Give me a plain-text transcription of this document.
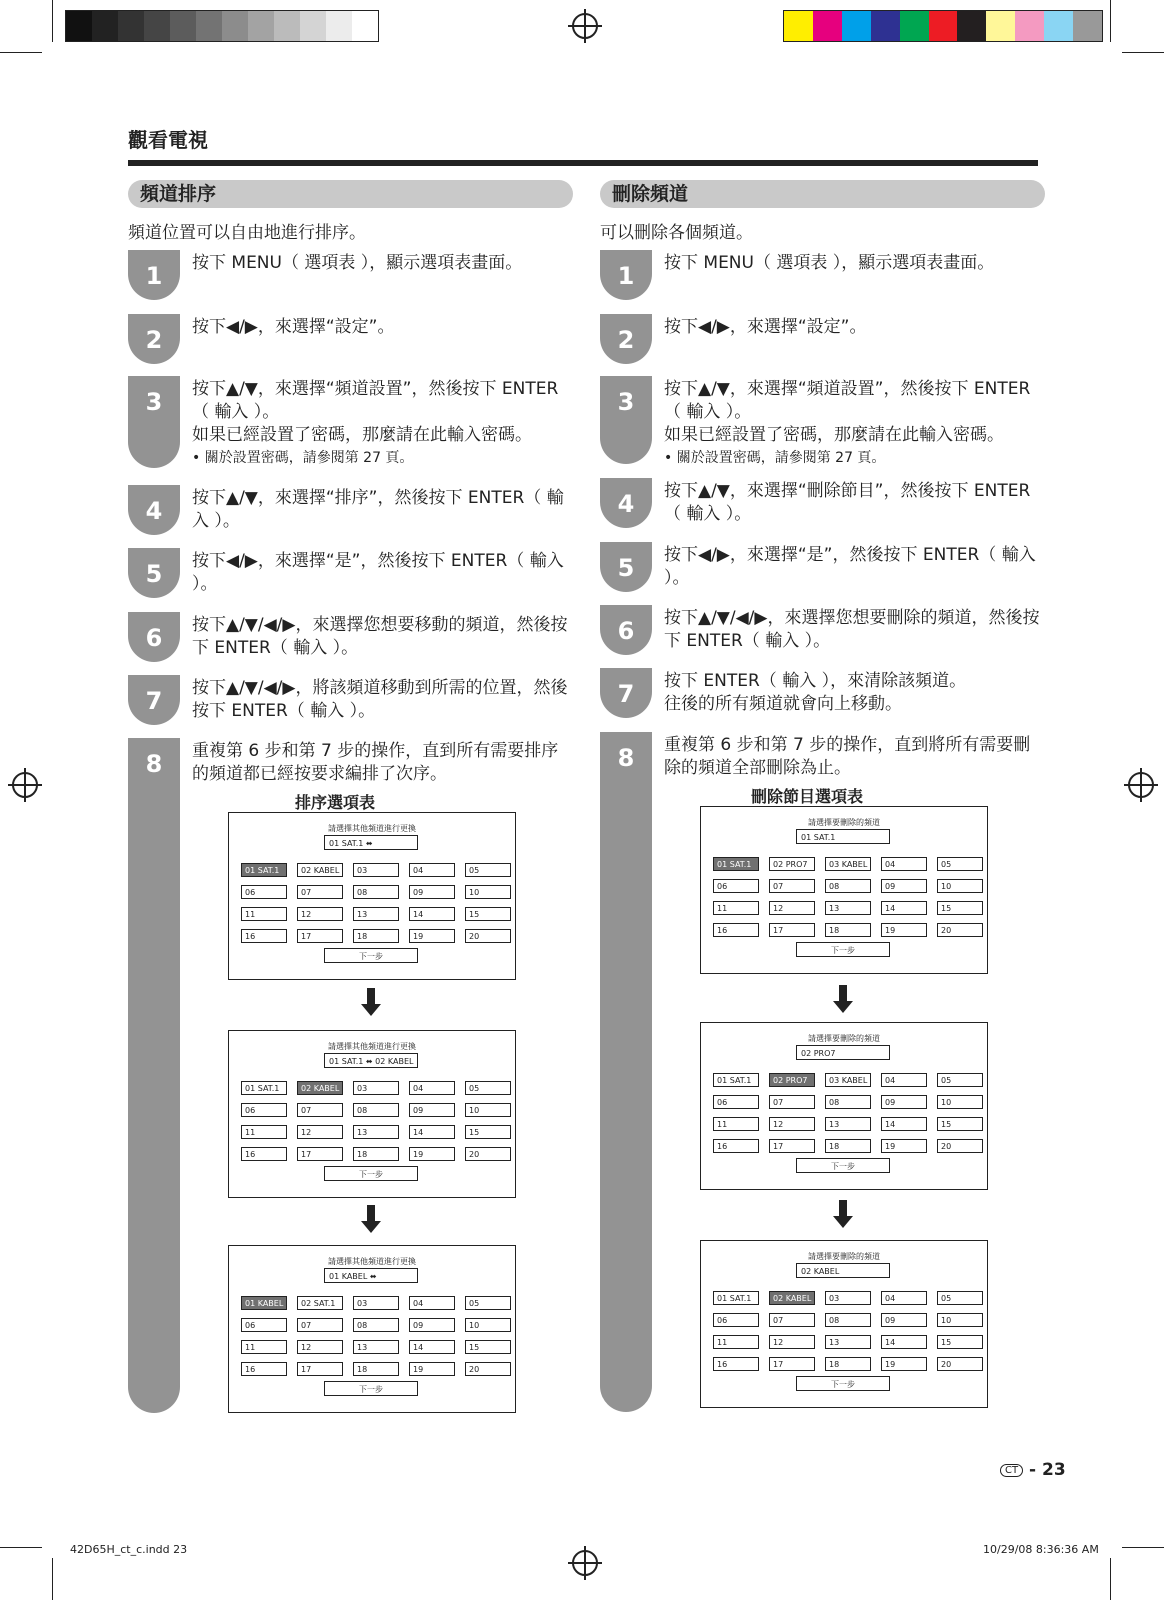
觀看電視
頻道排序
頻道位置可以自由地進行排序。
1	按下 MENU（ 選項表 ），顯示選項表畫面。
2	按下◀/▶，來選擇“設定”。
3	按下▲/▼，來選擇“頻道設置”，然後按下 ENTER（ 輸入 ）。
如果已經設置了密碼，那麼請在此輸入密碼。
• 關於設置密碼，請參閱第 27 頁。
4	按下▲/▼，來選擇“排序”，然後按下 ENTER（ 輸入 ）。
5	按下◀/▶，來選擇“是”，然後按下 ENTER（ 輸入 ）。
6	按下▲/▼/◀/▶，來選擇您想要移動的頻道，然後按下 ENTER（ 輸入 ）。
7	按下▲/▼/◀/▶，將該頻道移動到所需的位置，然後按下 ENTER（ 輸入 ）。
8	重複第 6 步和第 7 步的操作，直到所有需要排序的頻道都已經按要求編排了次序。
排序選項表
請選擇其他頻道進行更換
01 SAT.1 ⬌
01 SAT.1	02 KABEL	03	04	05
06	07	08	09	10
11	12	13	14	15
16	17	18	19	20
下一步
請選擇其他頻道進行更換
01 SAT.1 ⬌ 02 KABEL
01 SAT.1	02 KABEL	03	04	05
06	07	08	09	10
11	12	13	14	15
16	17	18	19	20
下一步
請選擇其他頻道進行更換
01 KABEL ⬌
01 KABEL	02 SAT.1	03	04	05
06	07	08	09	10
11	12	13	14	15
16	17	18	19	20
下一步
刪除頻道
可以刪除各個頻道。
1	按下 MENU（ 選項表 ），顯示選項表畫面。
2	按下◀/▶，來選擇“設定”。
3	按下▲/▼，來選擇“頻道設置”，然後按下 ENTER（ 輸入 ）。
如果已經設置了密碼，那麼請在此輸入密碼。
• 關於設置密碼，請參閱第 27 頁。
4	按下▲/▼，來選擇“刪除節目”，然後按下 ENTER（ 輸入 ）。
5	按下◀/▶，來選擇“是”，然後按下 ENTER（ 輸入 ）。
6	按下▲/▼/◀/▶，來選擇您想要刪除的頻道，然後按下 ENTER（ 輸入 ）。
7	按下 ENTER（ 輸入 ），來清除該頻道。
往後的所有頻道就會向上移動。
8	重複第 6 步和第 7 步的操作，直到將所有需要刪除的頻道全部刪除為止。
刪除節目選項表
請選擇要刪除的頻道
01 SAT.1
01 SAT.1	02 PRO7	03 KABEL	04	05
06	07	08	09	10
11	12	13	14	15
16	17	18	19	20
下一步
請選擇要刪除的頻道
02 PRO7
01 SAT.1	02 PRO7	03 KABEL	04	05
06	07	08	09	10
11	12	13	14	15
16	17	18	19	20
下一步
請選擇要刪除的頻道
02 KABEL
01 SAT.1	02 KABEL	03	04	05
06	07	08	09	10
11	12	13	14	15
16	17	18	19	20
下一步
CT - 23
42D65H_ct_c.indd 23	10/29/08 8:36:36 AM
